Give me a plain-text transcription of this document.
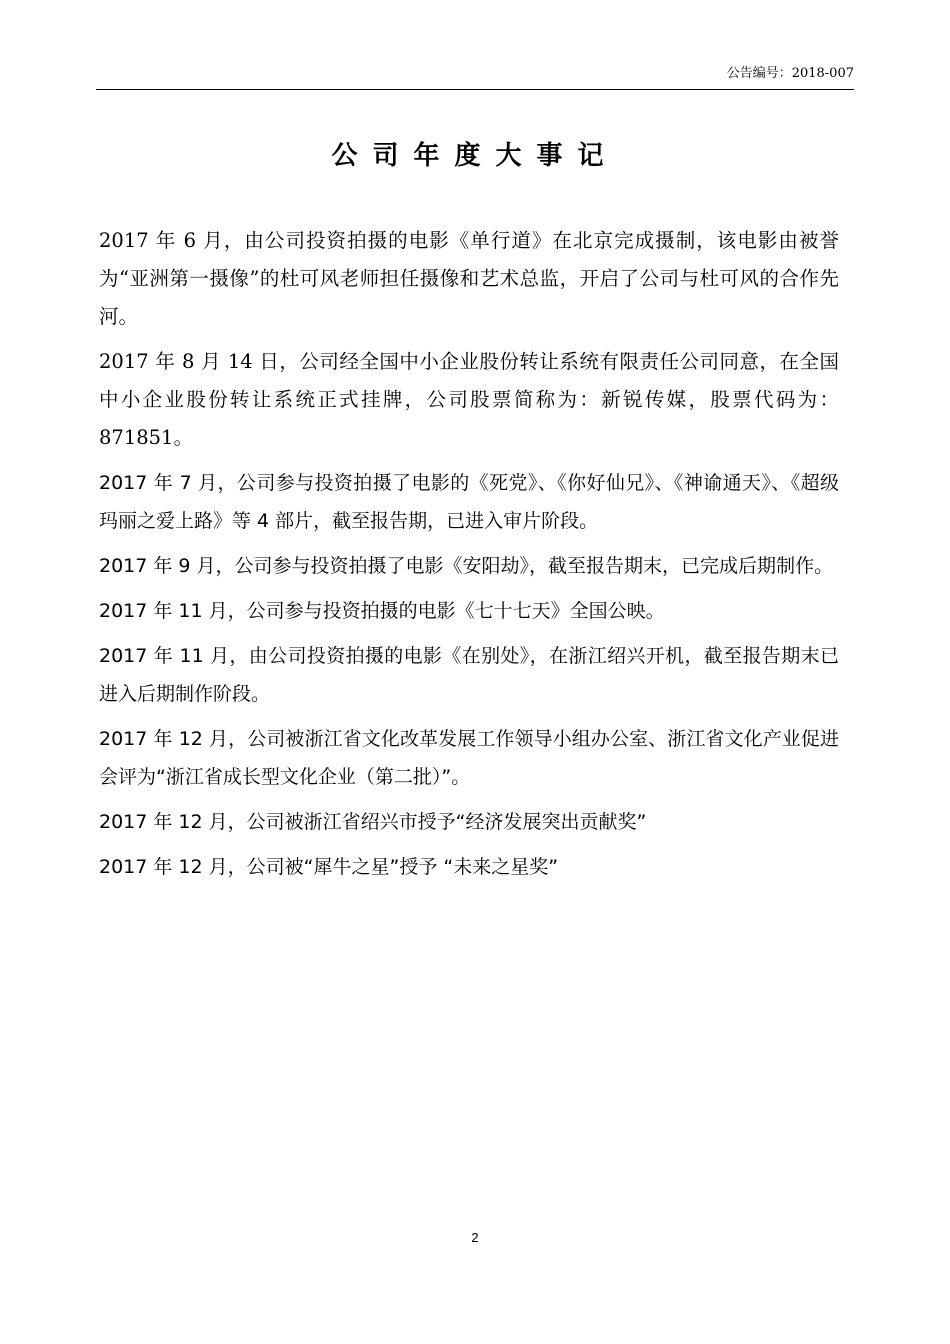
公告编号：2018-007
公司年度大事记
2017 年 6 月，由公司投资拍摄的电影《单行道》在北京完成摄制，该电影由被誉为“亚洲第一摄像”的杜可风老师担任摄像和艺术总监，开启了公司与杜可风的合作先河。
2017 年 8 月 14 日，公司经全国中小企业股份转让系统有限责任公司同意，在全国中小企业股份转让系统正式挂牌，公司股票简称为：新锐传媒，股票代码为：871851。
2017 年 7 月，公司参与投资拍摄了电影的《死党》、《你好仙兄》、《神谕通天》、《超级玛丽之爱上路》等 4 部片，截至报告期，已进入审片阶段。
2017 年 9 月，公司参与投资拍摄了电影《安阳劫》，截至报告期末，已完成后期制作。
2017 年 11 月，公司参与投资拍摄的电影《七十七天》全国公映。
2017 年 11 月，由公司投资拍摄的电影《在别处》，在浙江绍兴开机，截至报告期末已进入后期制作阶段。
2017 年 12 月，公司被浙江省文化改革发展工作领导小组办公室、浙江省文化产业促进会评为“浙江省成长型文化企业（第二批）”。
2017 年 12 月，公司被浙江省绍兴市授予“经济发展突出贡献奖”
2017 年 12 月，公司被“犀牛之星”授予 “未来之星奖”
2
